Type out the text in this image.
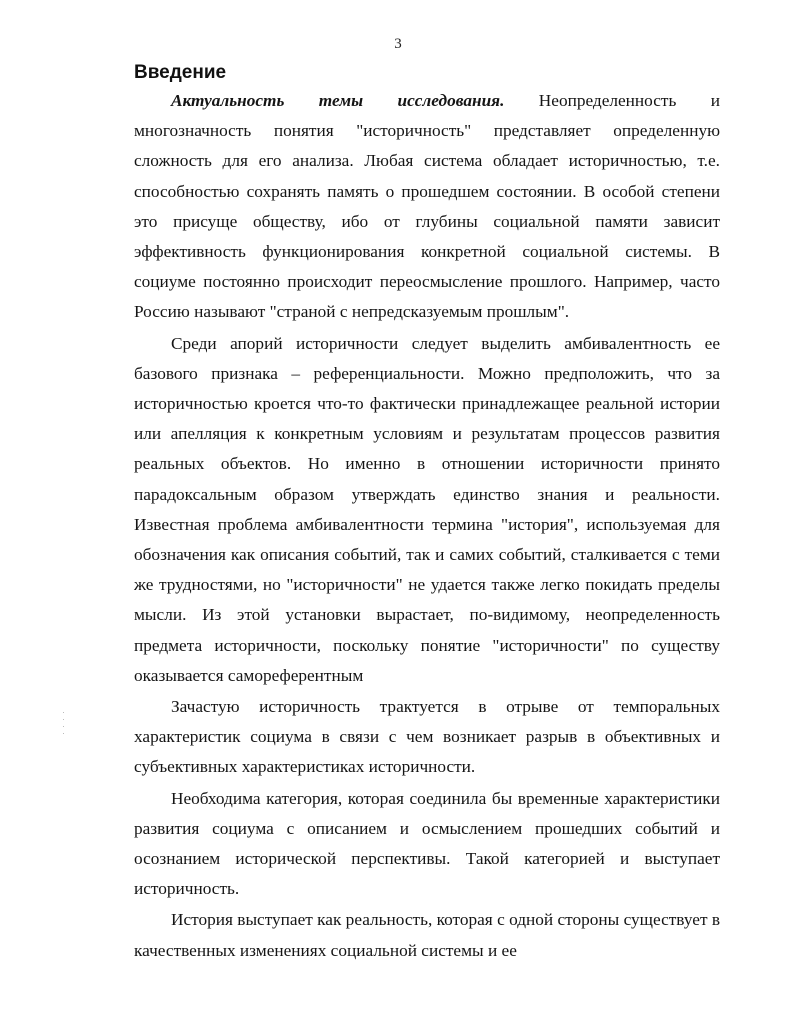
3
Введение

Актуальность темы исследования. Неопределенность и многозначность понятия "историчность" представляет определенную сложность для его анализа. Любая система обладает историчностью, т.е. способностью сохранять память о прошедшем состоянии. В особой степени это присуще обществу, ибо от глубины социальной памяти зависит эффективность функционирования конкретной социальной системы. В социуме постоянно происходит переосмысление прошлого. Например, часто Россию называют "страной с непредсказуемым прошлым".

Среди апорий историчности следует выделить амбивалентность ее базового признака – референциальности. Можно предположить, что за историчностью кроется что-то фактически принадлежащее реальной истории или апелляция к конкретным условиям и результатам процессов развития реальных объектов. Но именно в отношении историчности принято парадоксальным образом утверждать единство знания и реальности. Известная проблема амбивалентности термина "история", используемая для обозначения как описания событий, так и самих событий, сталкивается с теми же трудностями, но "историчности" не удается также легко покидать пределы мысли. Из этой установки вырастает, по-видимому, неопределенность предмета историчности, поскольку понятие "историчности" по существу оказывается самореферентным

Зачастую историчность трактуется в отрыве от темпоральных характеристик социума в связи с чем возникает разрыв в объективных и субъективных характеристиках историчности.

Необходима категория, которая соединила бы временные характеристики развития социума с описанием и осмыслением прошедших событий и осознанием исторической перспективы. Такой категорией и выступает историчность.

История выступает как реальность, которая с одной стороны существует в качественных изменениях социальной системы и ее
